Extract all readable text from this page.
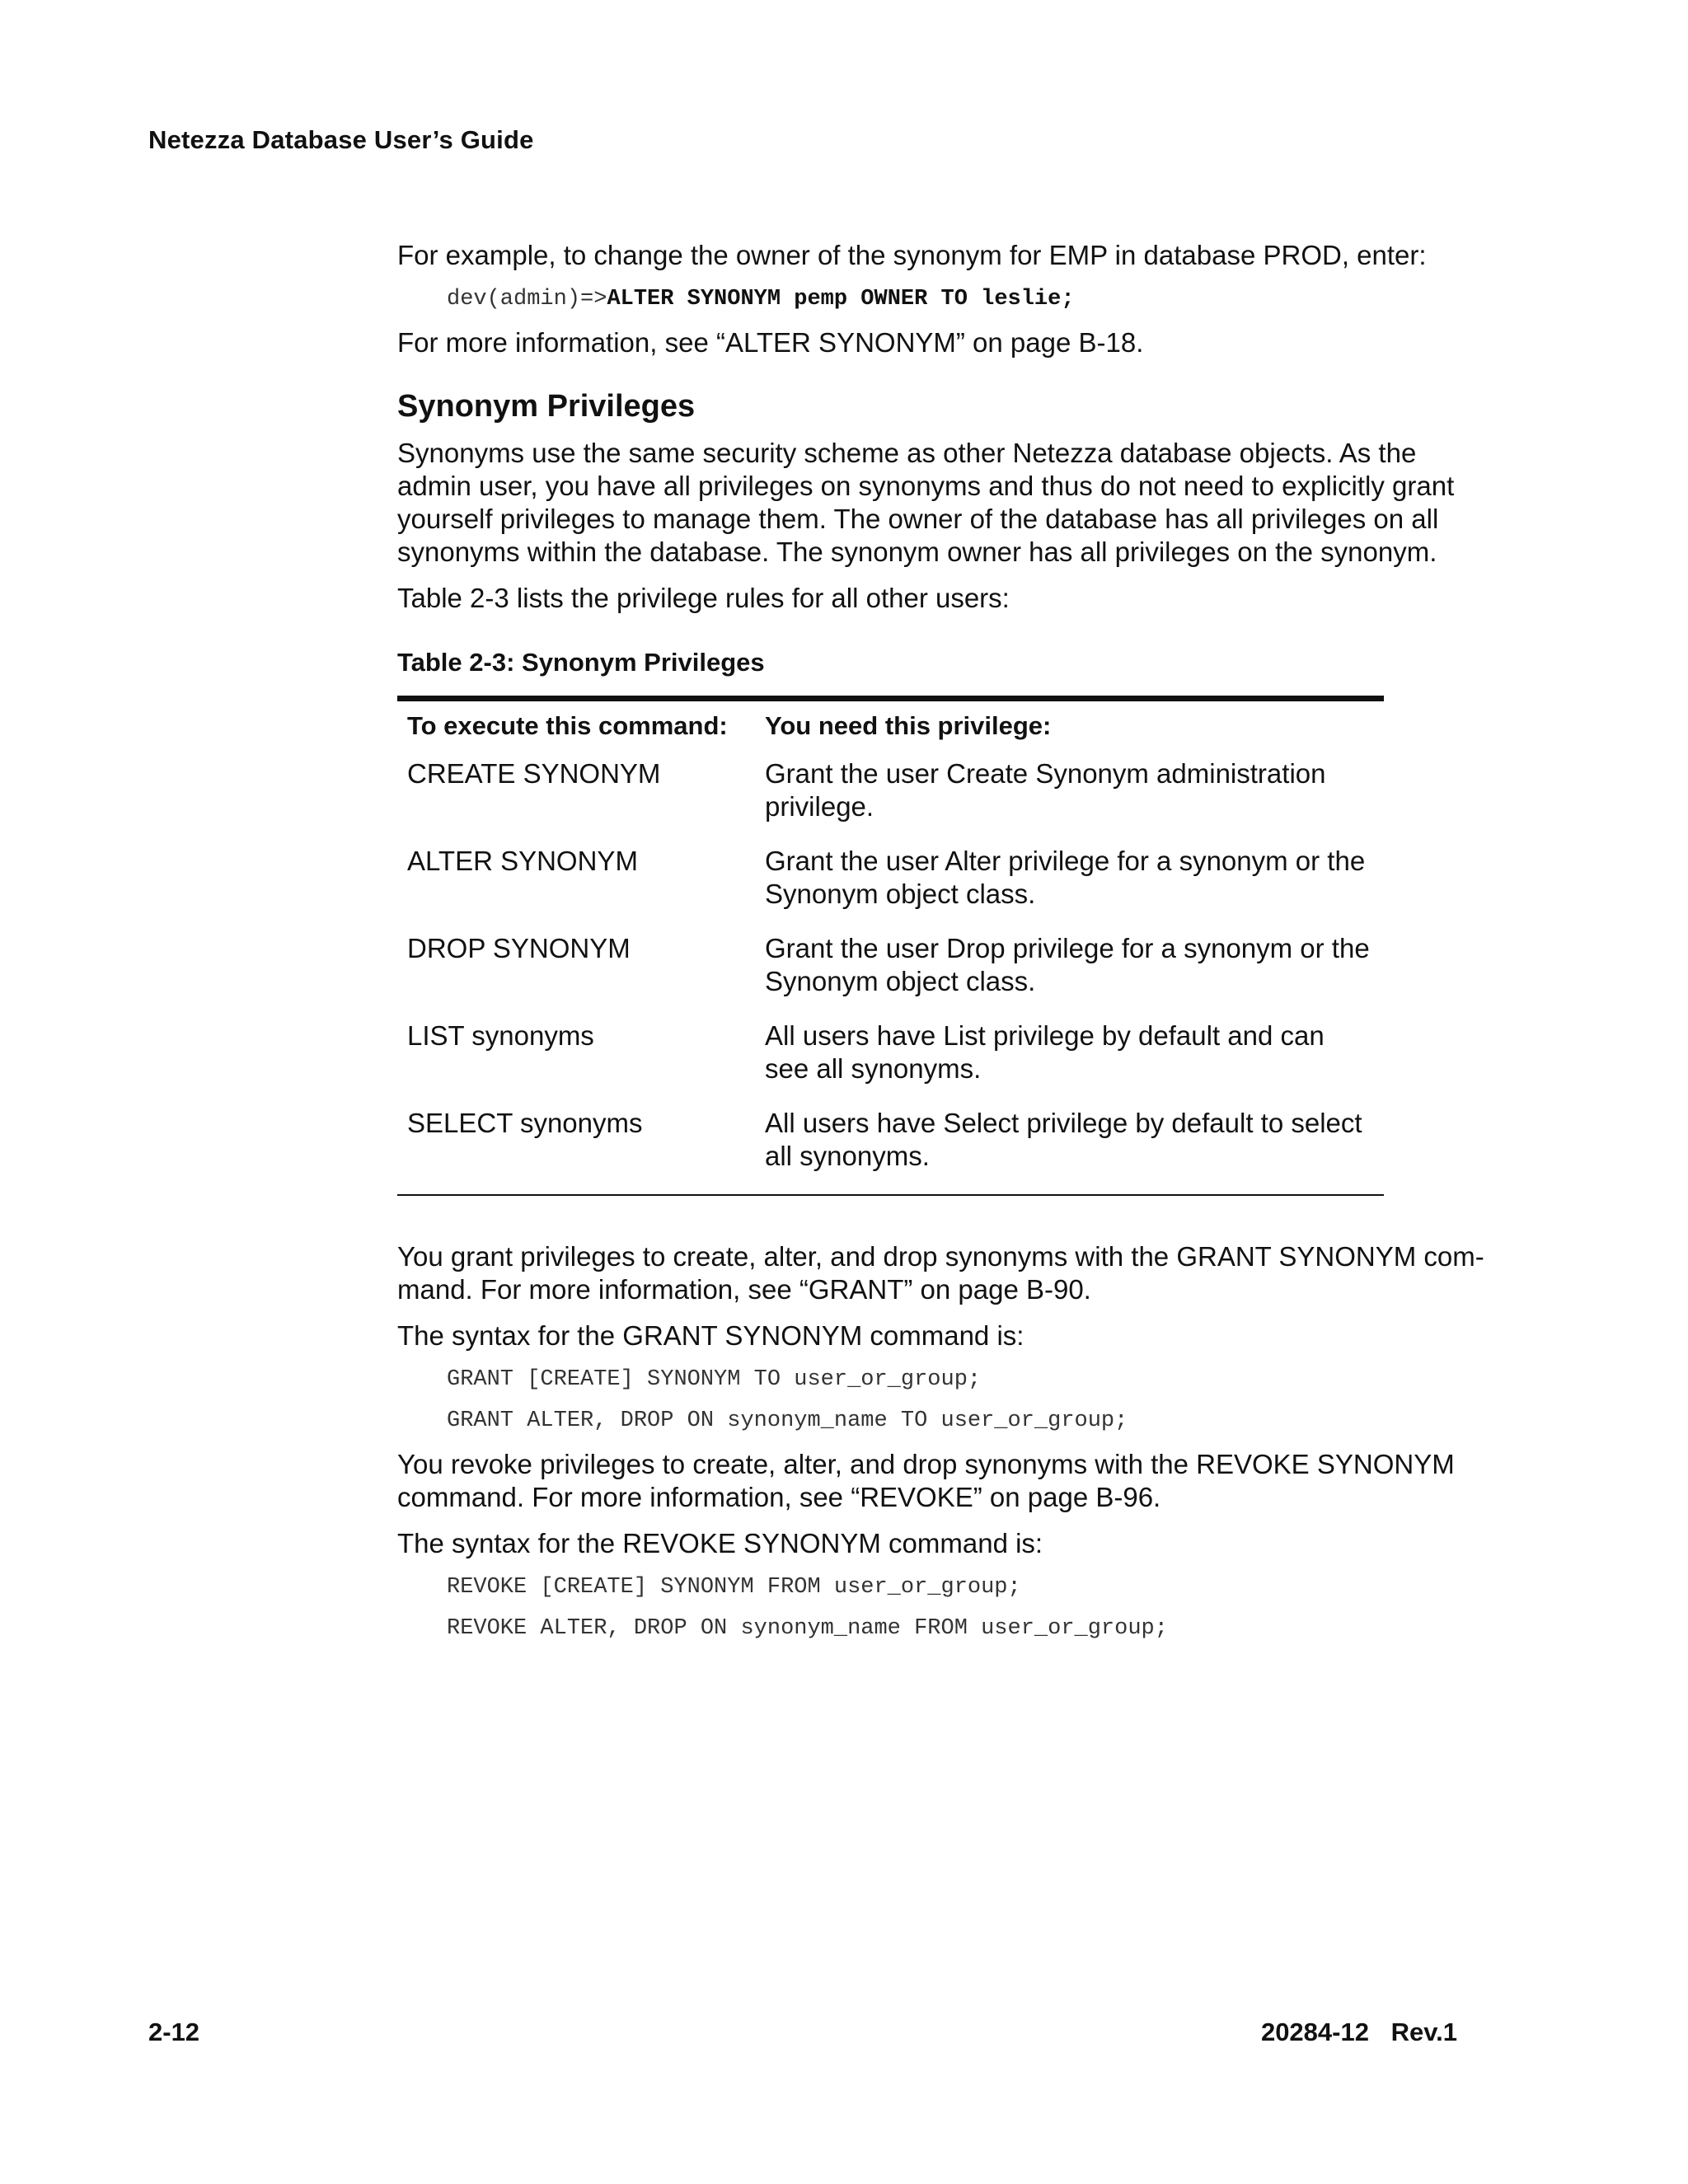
Netezza Database User’s Guide

For example, to change the owner of the synonym for EMP in database PROD, enter:

dev(admin)=>ALTER SYNONYM pemp OWNER TO leslie;

For more information, see “ALTER SYNONYM” on page B-18.

Synonym Privileges

Synonyms use the same security scheme as other Netezza database objects. As the admin user, you have all privileges on synonyms and thus do not need to explicitly grant yourself privileges to manage them. The owner of the database has all privileges on all synonyms within the database. The synonym owner has all privileges on the synonym.

Table 2-3 lists the privilege rules for all other users:

Table 2-3: Synonym Privileges
To execute this command:	You need this privilege:
CREATE SYNONYM	Grant the user Create Synonym administration privilege.
ALTER SYNONYM	Grant the user Alter privilege for a synonym or the Synonym object class.
DROP SYNONYM	Grant the user Drop privilege for a synonym or the Synonym object class.
LIST synonyms	All users have List privilege by default and can see all synonyms.
SELECT synonyms	All users have Select privilege by default to select all synonyms.

You grant privileges to create, alter, and drop synonyms with the GRANT SYNONYM com-mand. For more information, see “GRANT” on page B-90.

The syntax for the GRANT SYNONYM command is:

GRANT [CREATE] SYNONYM TO user_or_group;
GRANT ALTER, DROP ON synonym_name TO user_or_group;

You revoke privileges to create, alter, and drop synonyms with the REVOKE SYNONYM command. For more information, see “REVOKE” on page B-96.

The syntax for the REVOKE SYNONYM command is:

REVOKE [CREATE] SYNONYM FROM user_or_group;
REVOKE ALTER, DROP ON synonym_name FROM user_or_group;
2-12	20284-12 Rev.1
